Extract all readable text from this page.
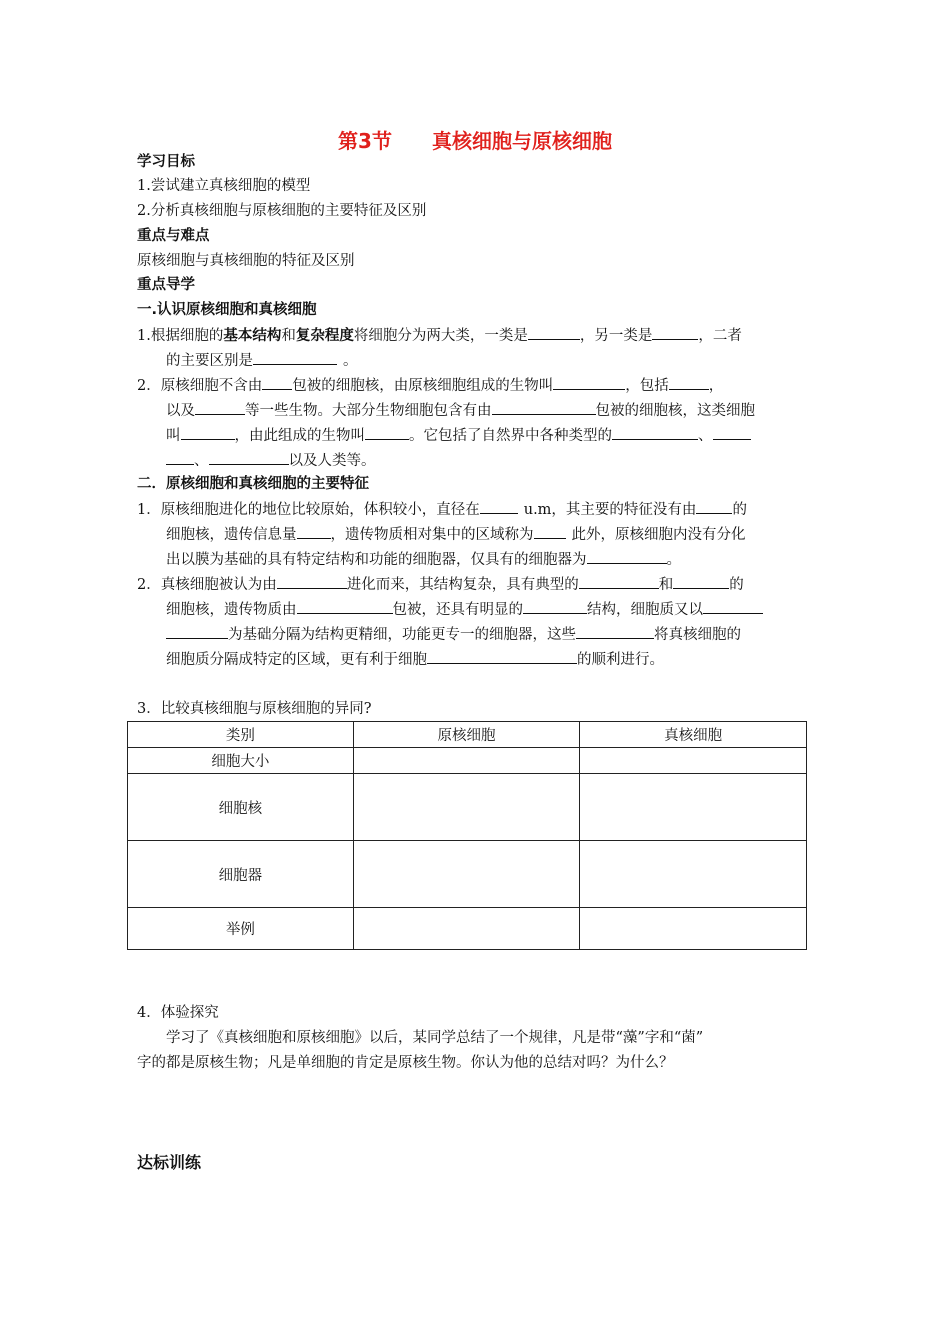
第3节　　真核细胞与原核细胞
学习目标
1.尝试建立真核细胞的模型
2.分析真核细胞与原核细胞的主要特征及区别
重点与难点
原核细胞与真核细胞的特征及区别
重点导学
一.认识原核细胞和真核细胞
1.根据细胞的基本结构和复杂程度将细胞分为两大类，一类是	，另一类是	，二者
的主要区别是	。
2．原核细胞不含由 包被的细胞核，由原核细胞组成的生物叫	，包括	，
以及	等一些生物。大部分生物细胞包含有由	包被的细胞核，这类细胞
叫	，由此组成的生物叫	。它包括了自然界中各种类型的	、
、	以及人类等。
二．原核细胞和真核细胞的主要特征
1．原核细胞进化的地位比较原始，体积较小，直径在	u.m，其主要的特征没有由 的
细胞核，遗传信息量 ，遗传物质相对集中的区域称为	此外，原核细胞内没有分化
出以膜为基础的具有特定结构和功能的细胞器，仅具有的细胞器为	。
2．真核细胞被认为由	进化而来，其结构复杂，具有典型的	和	的
细胞核，遗传物质由	包被，还具有明显的	结构，细胞质又以
为基础分隔为结构更精细，功能更专一的细胞器，这些	将真核细胞的
细胞质分隔成特定的区域，更有利于细胞	的顺利进行。
3．比较真核细胞与原核细胞的异同?
类别	原核细胞	真核细胞
细胞大小		
细胞核		
细胞器		
举例		
4．体验探究
学习了《真核细胞和原核细胞》以后，某同学总结了一个规律，凡是带“藻”字和“菌”
字的都是原核生物；凡是单细胞的肯定是原核生物。你认为他的总结对吗？为什么？
达标训练
